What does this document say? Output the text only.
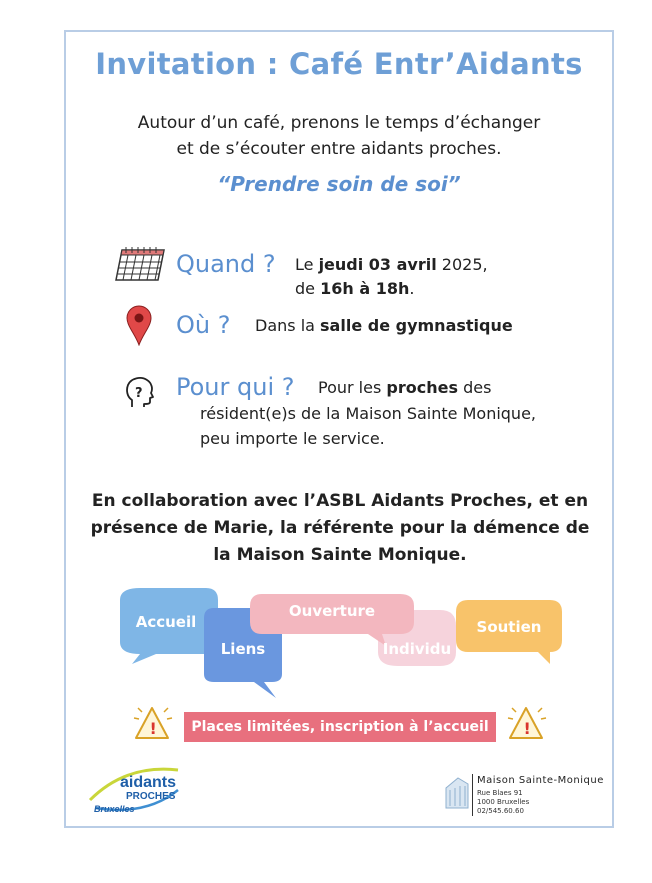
Invitation : Café Entr’Aidants
Autour d’un café, prenons le temps d’échanger
et de s’écouter entre aidants proches.
“Prendre soin de soi”
Quand ? Le jeudi 03 avril 2025,
de 16h à 18h.
Où ? Dans la salle de gymnastique
? Pour qui ? Pour les proches des
résident(e)s de la Maison Sainte Monique,
peu importe le service.
En collaboration avec l’ASBL Aidants Proches, et en
présence de Marie, la référente pour la démence de
la Maison Sainte Monique.
Accueil
Liens
Ouverture
Individu
Soutien
!	Places limitées, inscription à l’accueil	!
aidants
PROCHES
Bruxelles
Maison Sainte-Monique
Rue Blaes 91
1000 Bruxelles
02/545.60.60
